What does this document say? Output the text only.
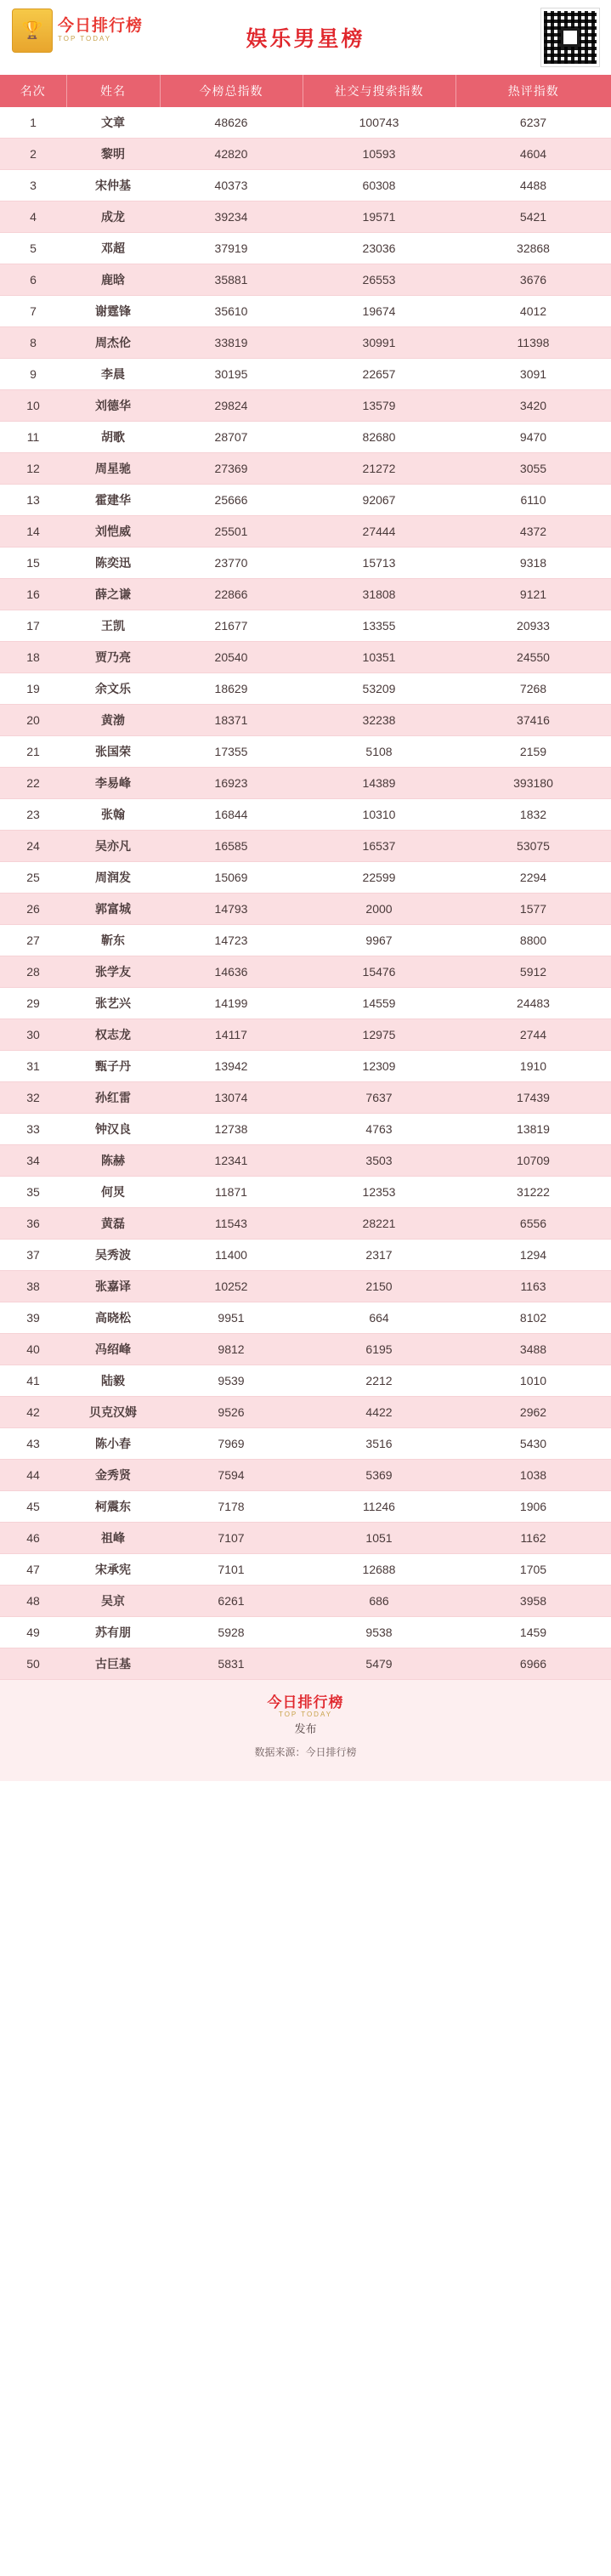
🏆 今日排行榜
TOP TODAY	娱乐男星榜
名次	姓名	今榜总指数	社交与搜索指数	热评指数
1	文章	48626	100743	6237
2	黎明	42820	10593	4604
3	宋仲基	40373	60308	4488
4	成龙	39234	19571	5421
5	邓超	37919	23036	32868
6	鹿晗	35881	26553	3676
7	谢霆锋	35610	19674	4012
8	周杰伦	33819	30991	11398
9	李晨	30195	22657	3091
10	刘德华	29824	13579	3420
11	胡歌	28707	82680	9470
12	周星驰	27369	21272	3055
13	霍建华	25666	92067	6110
14	刘恺威	25501	27444	4372
15	陈奕迅	23770	15713	9318
16	薛之谦	22866	31808	9121
17	王凯	21677	13355	20933
18	贾乃亮	20540	10351	24550
19	余文乐	18629	53209	7268
20	黄渤	18371	32238	37416
21	张国荣	17355	5108	2159
22	李易峰	16923	14389	393180
23	张翰	16844	10310	1832
24	吴亦凡	16585	16537	53075
25	周润发	15069	22599	2294
26	郭富城	14793	2000	1577
27	靳东	14723	9967	8800
28	张学友	14636	15476	5912
29	张艺兴	14199	14559	24483
30	权志龙	14117	12975	2744
31	甄子丹	13942	12309	1910
32	孙红雷	13074	7637	17439
33	钟汉良	12738	4763	13819
34	陈赫	12341	3503	10709
35	何炅	11871	12353	31222
36	黄磊	11543	28221	6556
37	吴秀波	11400	2317	1294
38	张嘉译	10252	2150	1163
39	高晓松	9951	664	8102
40	冯绍峰	9812	6195	3488
41	陆毅	9539	2212	1010
42	贝克汉姆	9526	4422	2962
43	陈小春	7969	3516	5430
44	金秀贤	7594	5369	1038
45	柯震东	7178	11246	1906
46	祖峰	7107	1051	1162
47	宋承宪	7101	12688	1705
48	吴京	6261	686	3958
49	苏有朋	5928	9538	1459
50	古巨基	5831	5479	6966
今日排行榜
TOP TODAY
发布
数据来源：今日排行榜
